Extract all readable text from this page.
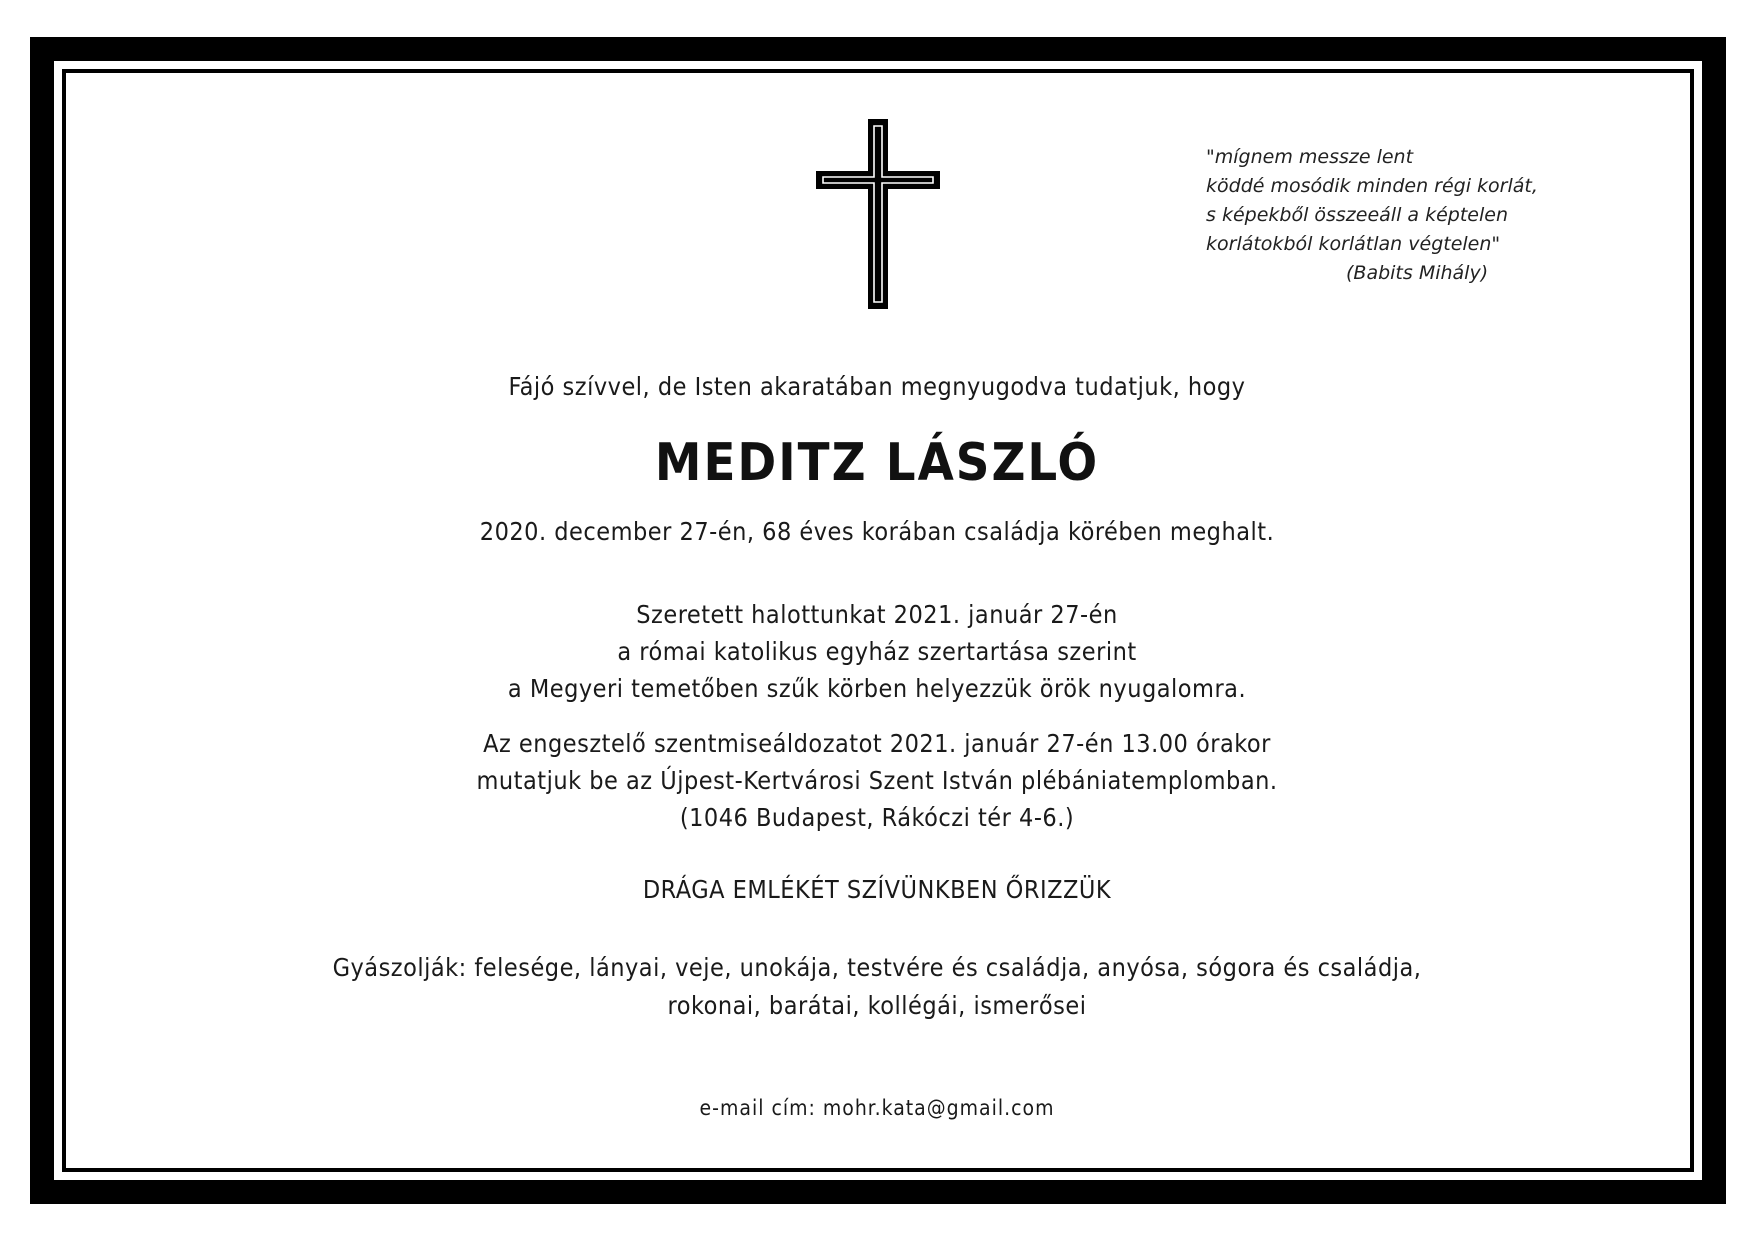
"mígnem messze lent
köddé mosódik minden régi korlát,
s képekből összeeáll a képtelen
korlátokból korlátlan végtelen"
(Babits Mihály)
Fájó szívvel, de Isten akaratában megnyugodva tudatjuk, hogy
MEDITZ LÁSZLÓ
2020. december 27-én, 68 éves korában családja körében meghalt.
Szeretett halottunkat 2021. január 27-én
a római katolikus egyház szertartása szerint
a Megyeri temetőben szűk körben helyezzük örök nyugalomra.
Az engesztelő szentmiseáldozatot 2021. január 27-én 13.00 órakor
mutatjuk be az Újpest-Kertvárosi Szent István plébániatemplomban.
(1046 Budapest, Rákóczi tér 4-6.)
DRÁGA EMLÉKÉT SZÍVÜNKBEN ŐRIZZÜK
Gyászolják: felesége, lányai, veje, unokája, testvére és családja, anyósa, sógora és családja,
rokonai, barátai, kollégái, ismerősei
e-mail cím: mohr.kata@gmail.com
